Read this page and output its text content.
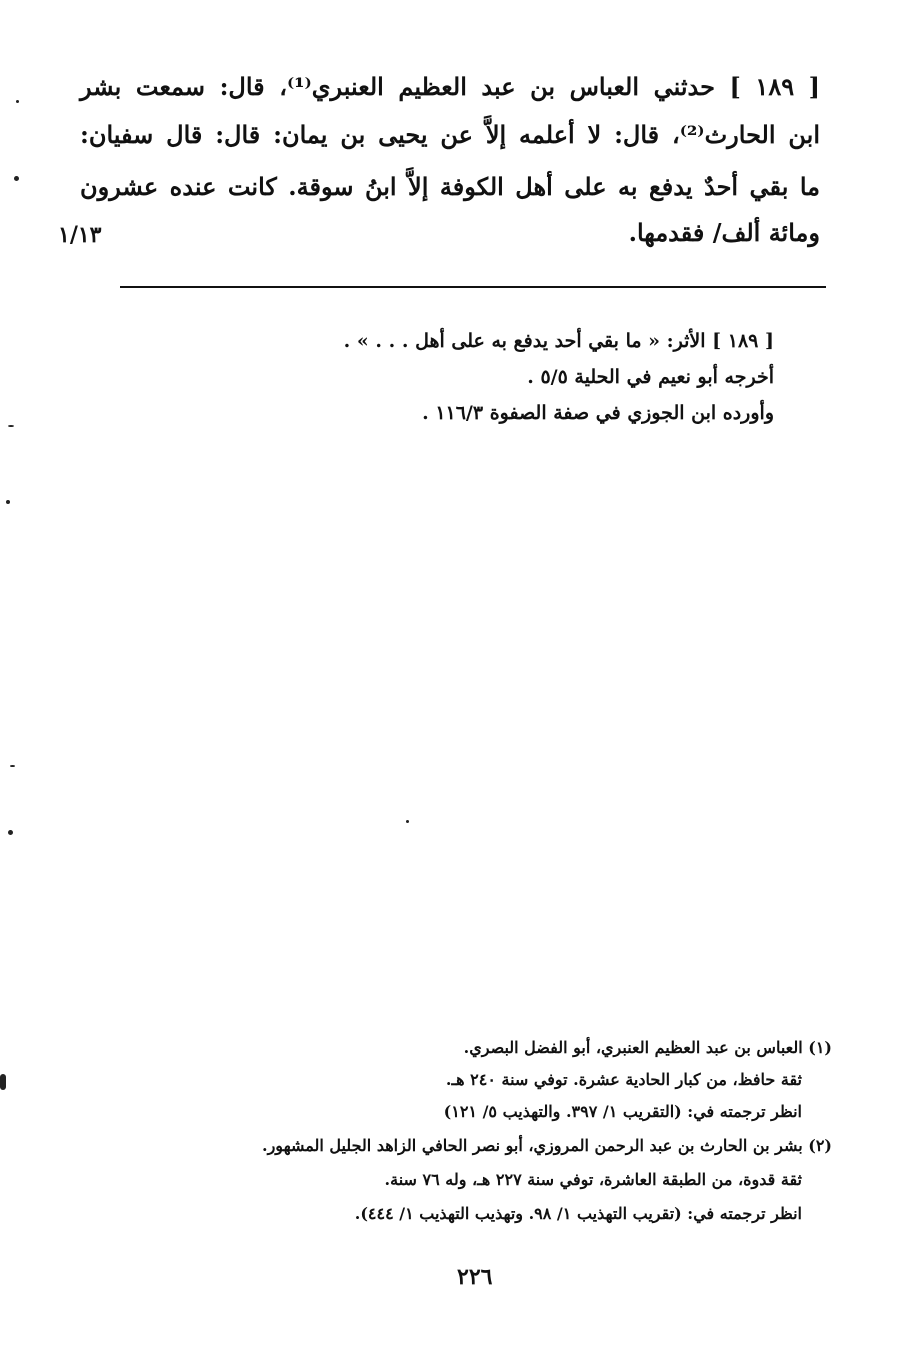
[ ١٨٩ ] حدثني العباس بن عبد العظيم العنبري⁽¹⁾، قال: سمعت بشر
ابن الحارث⁽²⁾، قال: لا أعلمه إلاَّ عن يحيى بن يمان: قال: قال سفيان:
ما بقي أحدٌ يدفع به على أهل الكوفة إلاَّ ابنُ سوقة. كانت عنده عشرون
ومائة ألف/ فقدمها.
١/١٣
[ ١٨٩ ] الأثر: « ما بقي أحد يدفع به على أهل . . . » .
أخرجه أبو نعيم في الحلية ٥/٥ .
وأورده ابن الجوزي في صفة الصفوة ١١٦/٣ .
(١) العباس بن عبد العظيم العنبري، أبو الفضل البصري.
ثقة حافظ، من كبار الحادية عشرة. توفي سنة ٢٤٠ هـ.
انظر ترجمته في: (التقريب ١/ ٣٩٧. والتهذيب ٥/ ١٢١)
(٢) بشر بن الحارث بن عبد الرحمن المروزي، أبو نصر الحافي الزاهد الجليل المشهور.
ثقة قدوة، من الطبقة العاشرة، توفي سنة ٢٢٧ هـ، وله ٧٦ سنة.
انظر ترجمته في: (تقريب التهذيب ١/ ٩٨. وتهذيب التهذيب ١/ ٤٤٤).
٢٢٦
